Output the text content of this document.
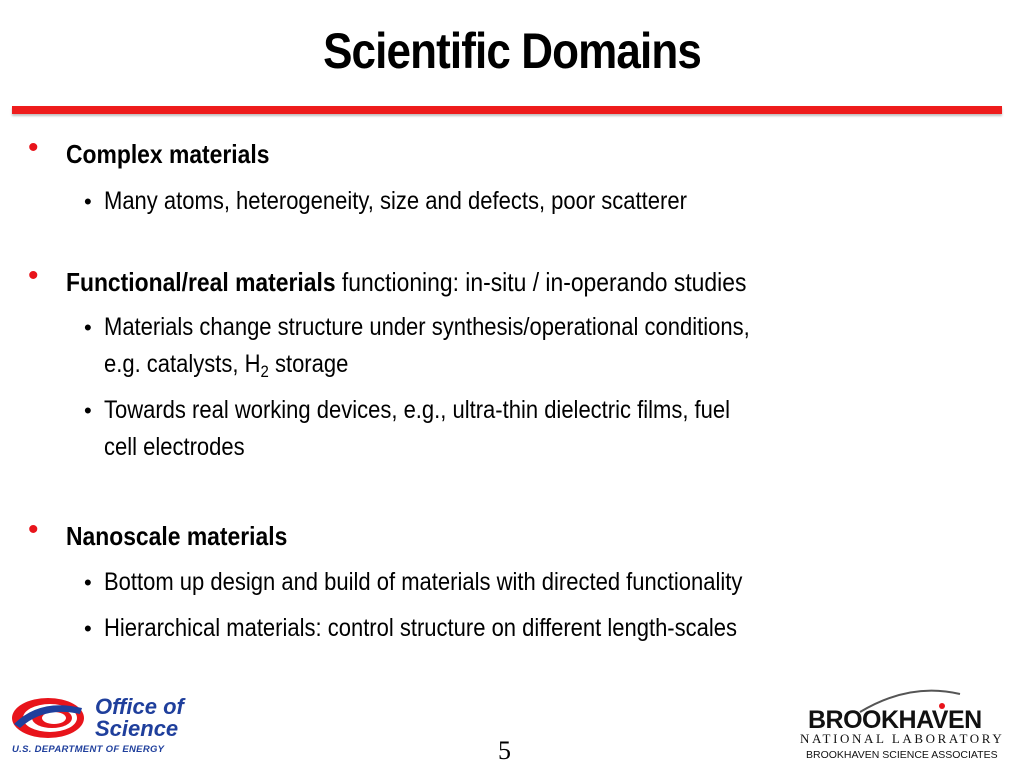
Scientific Domains
• Complex materials
• Many atoms, heterogeneity, size and defects, poor scatterer
• Functional/real materials functioning: in-situ / in-operando studies
• Materials change structure under synthesis/operational conditions,
e.g. catalysts, $H_2$ storage
• Towards real working devices, e.g., ultra-thin dielectric films, fuel
cell electrodes
• Nanoscale materials
• Bottom up design and build of materials with directed functionality
• Hierarchical materials: control structure on different length-scales
Office of
Science
U.S. DEPARTMENT OF ENERGY	5
BROOKHAVEN
NATIONAL LABORATORY
BROOKHAVEN SCIENCE ASSOCIATES
